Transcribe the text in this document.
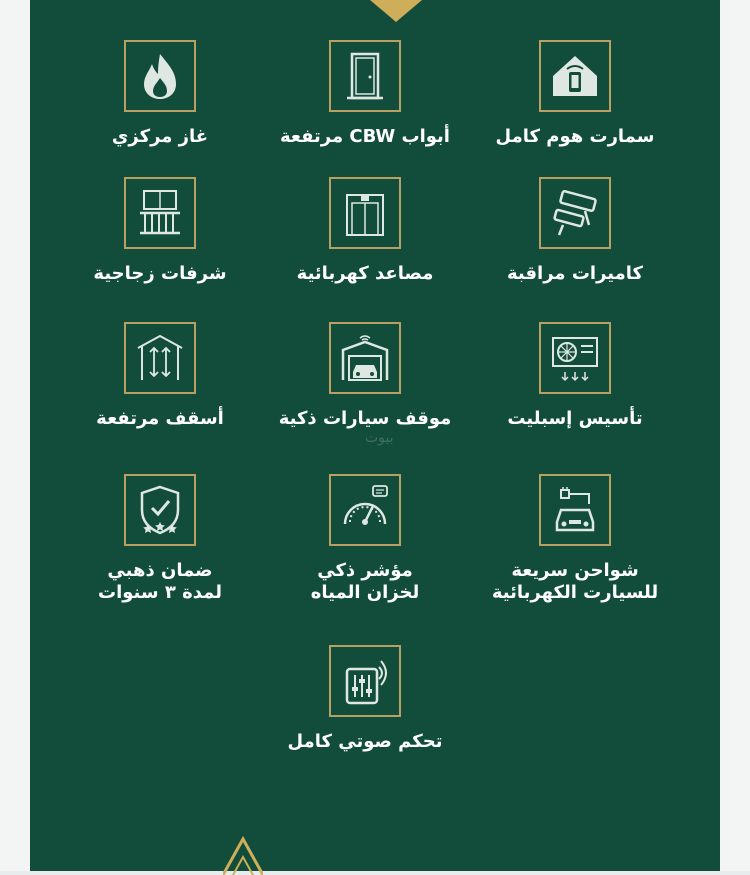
سمارت هوم كامل
أبواب CBW مرتفعة
غاز مركزي
كاميرات مراقبة
مصاعد كهربائية
شرفات زجاجية
تأسيس إسبليت
موقف سيارات ذكية
أسقف مرتفعة
شواحن سريعة
للسيارت الكهربائية
مؤشر ذكي
لخزان المياه
ضمان ذهبي
لمدة ٣ سنوات
تحكم صوتي كامل
بيوت
